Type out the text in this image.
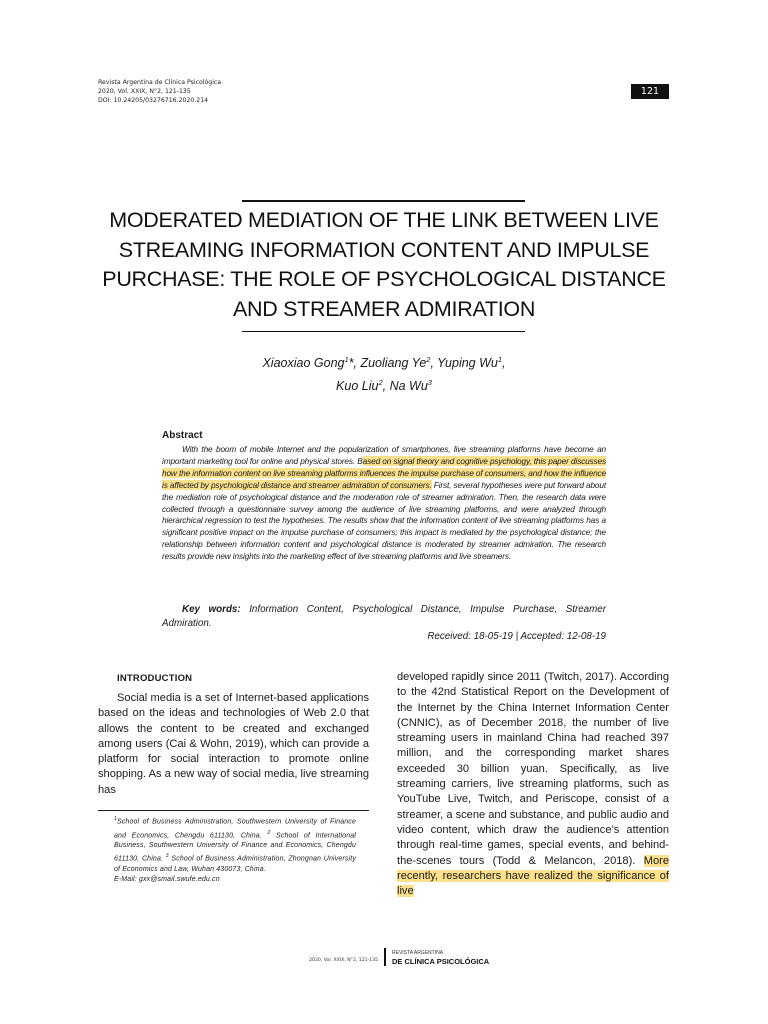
Revista Argentina de Clínica Psicológica
2020, Vol. XXIX, N°2, 121-135
DOI: 10.24205/03276716.2020.214
121
MODERATED MEDIATION OF THE LINK BETWEEN LIVE STREAMING INFORMATION CONTENT AND IMPULSE PURCHASE: THE ROLE OF PSYCHOLOGICAL DISTANCE AND STREAMER ADMIRATION
Xiaoxiao Gong$^1$*, Zuoliang Ye$^2$, Yuping Wu$^1$,
Kuo Liu$^2$, Na Wu$^3$
Abstract
With the boom of mobile Internet and the popularization of smartphones, live streaming platforms have become an important marketing tool for online and physical stores. Based on signal theory and cognitive psychology, this paper discusses how the information content on live streaming platforms influences the impulse purchase of consumers, and how the influence is affected by psychological distance and streamer admiration of consumers. First, several hypotheses were put forward about the mediation role of psychological distance and the moderation role of streamer admiration. Then, the research data were collected through a questionnaire survey among the audience of live streaming platforms, and were analyzed through hierarchical regression to test the hypotheses. The results show that the information content of live streaming platforms has a significant positive impact on the impulse purchase of consumers; this impact is mediated by the psychological distance; the relationship between information content and psychological distance is moderated by streamer admiration. The research results provide new insights into the marketing effect of live streaming platforms and live streamers.
Key words: Information Content, Psychological Distance, Impulse Purchase, Streamer Admiration.
Received: 18-05-19 | Accepted: 12-08-19
INTRODUCTION

Social media is a set of Internet-based applications based on the ideas and technologies of Web 2.0 that allows the content to be created and exchanged among users (Cai & Wohn, 2019), which can provide a platform for social interaction to promote online shopping. As a new way of social media, live streaming has

$^1$School of Business Administration, Southwestern University of Finance and Economics, Chengdu 611130, China. $^2$ School of International Business, Southwestern University of Finance and Economics, Chengdu 611130, China. $^3$ School of Business Administration, Zhongnan University of Economics and Law, Wuhan 430073, China.
E-Mail: gxx@smail.swufe.edu.cn

developed rapidly since 2011 (Twitch, 2017). According to the 42nd Statistical Report on the Development of the Internet by the China Internet Information Center (CNNIC), as of December 2018, the number of live streaming users in mainland China had reached 397 million, and the corresponding market shares exceeded 30 billion yuan. Specifically, as live streaming carriers, live streaming platforms, such as YouTube Live, Twitch, and Periscope, consist of a streamer, a scene and substance, and public audio and video content, which draw the audience’s attention through real-time games, special events, and behind-the-scenes tours (Todd & Melancon, 2018). More recently, researchers have realized the significance of live

2020, Vol. XXIX, N°2, 121-135
REVISTA ARGENTINA
DE CLÍNICA PSICOLÓGICA
